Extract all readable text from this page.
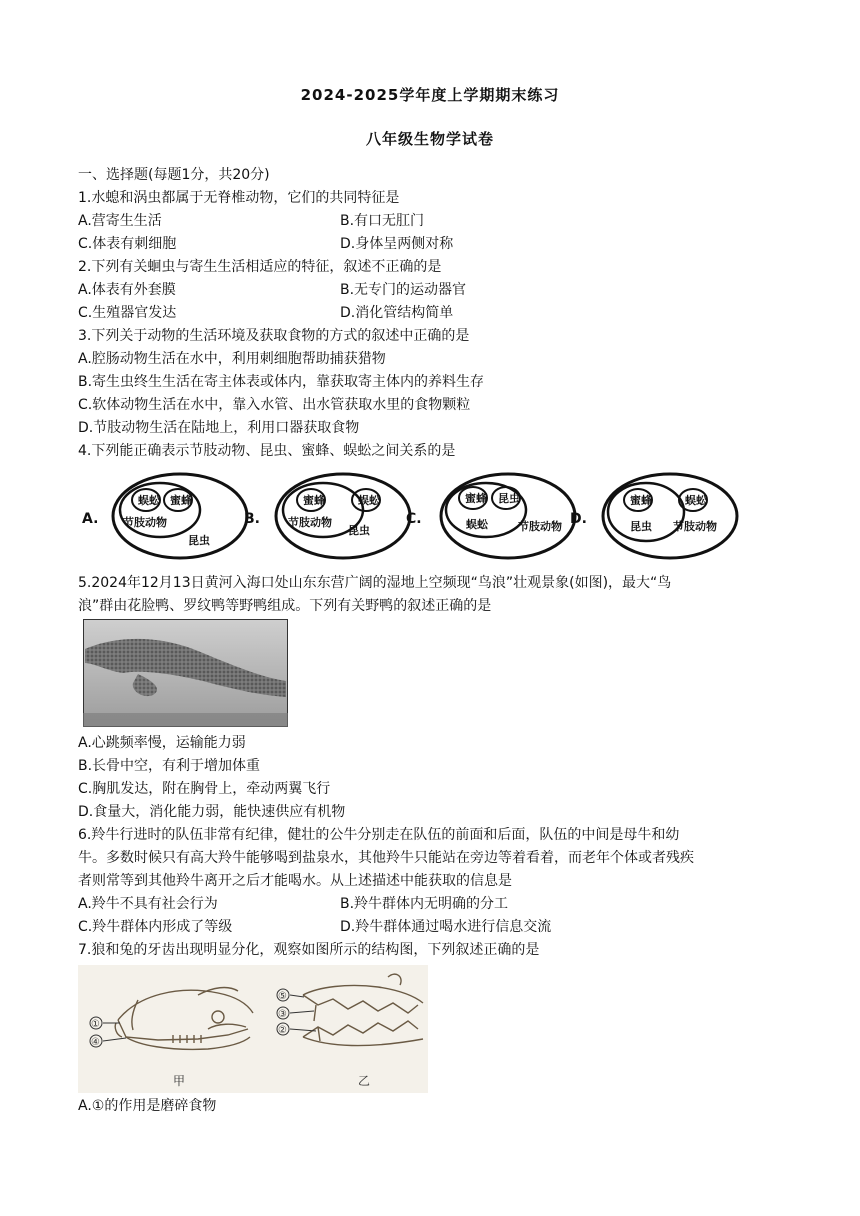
2024-2025学年度上学期期末练习
八年级生物学试卷
一、选择题(每题1分，共20分)
1.水螅和涡虫都属于无脊椎动物，它们的共同特征是
A.营寄生生活	B.有口无肛门
C.体表有刺细胞	D.身体呈两侧对称
2.下列有关蛔虫与寄生生活相适应的特征，叙述不正确的是
A.体表有外套膜	B.无专门的运动器官
C.生殖器官发达	D.消化管结构简单
3.下列关于动物的生活环境及获取食物的方式的叙述中正确的是
A.腔肠动物生活在水中，利用刺细胞帮助捕获猎物
B.寄生虫终生生活在寄主体表或体内，靠获取寄主体内的养料生存
C.软体动物生活在水中，靠入水管、出水管获取水里的食物颗粒
D.节肢动物生活在陆地上，利用口器获取食物
4.下列能正确表示节肢动物、昆虫、蜜蜂、蜈蚣之间关系的是
A.
蜈蚣 蜜蜂
节肢动物
昆虫
B.
蜜蜂	蜈蚣
节肢动物
昆虫
C.
蜜蜂 昆虫
蜈蚣	节肢动物 D.
蜜蜂	蜈蚣
昆虫 节肢动物
5.2024年12月13日黄河入海口处山东东营广阔的湿地上空频现“鸟浪”壮观景象(如图)，最大“鸟
浪”群由花脸鸭、罗纹鸭等野鸭组成。下列有关野鸭的叙述正确的是
A.心跳频率慢，运输能力弱
B.长骨中空，有利于增加体重
C.胸肌发达，附在胸骨上，牵动两翼飞行
D.食量大，消化能力弱，能快速供应有机物
6.羚牛行进时的队伍非常有纪律，健壮的公牛分别走在队伍的前面和后面，队伍的中间是母牛和幼
牛。多数时候只有高大羚牛能够喝到盐泉水，其他羚牛只能站在旁边等着看着，而老年个体或者残疾
者则常等到其他羚牛离开之后才能喝水。从上述描述中能获取的信息是
A.羚牛不具有社会行为	B.羚牛群体内无明确的分工
C.羚牛群体内形成了等级	D.羚牛群体通过喝水进行信息交流
7.狼和兔的牙齿出现明显分化，观察如图所示的结构图，下列叙述正确的是
①
④
甲
⑤
③
②
乙
A.①的作用是磨碎食物
